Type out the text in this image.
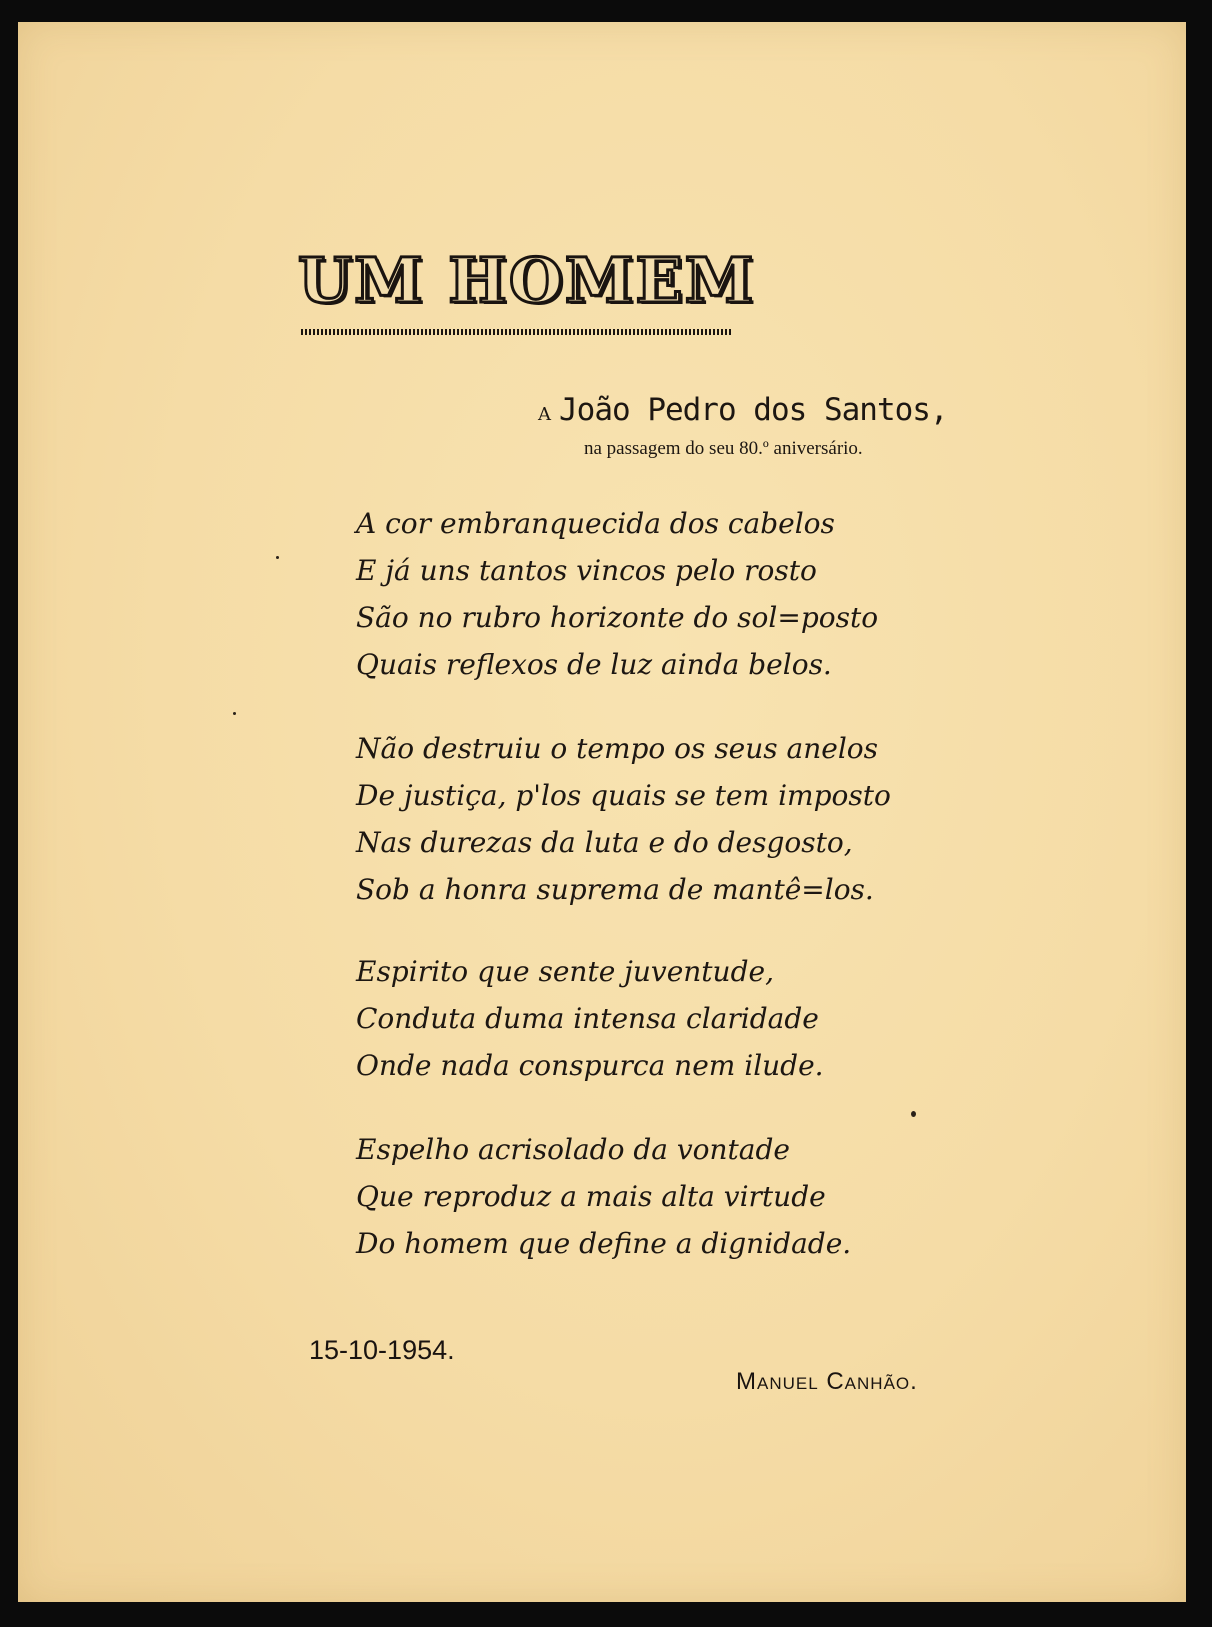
UM HOMEM

A João Pedro dos Santos,

na passagem do seu 80.º aniversário.

A cor embranquecida dos cabelos
E já uns tantos vincos pelo rosto
São no rubro horizonte do sol=posto
Quais reflexos de luz ainda belos.
Não destruiu o tempo os seus anelos
De justiça, p'los quais se tem imposto
Nas durezas da luta e do desgosto,
Sob a honra suprema de mantê=los.
Espirito que sente juventude,
Conduta duma intensa claridade
Onde nada conspurca nem ilude.
Espelho acrisolado da vontade
Que reproduz a mais alta virtude
Do homem que define a dignidade.
15-10-1954.
Manuel Canhão.
